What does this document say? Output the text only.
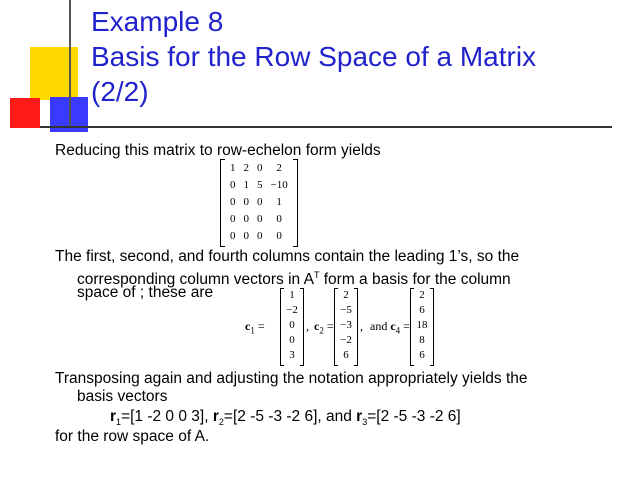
Example 8
Basis for the Row Space of a Matrix
(2/2)

Reducing this matrix to row-echelon form yields

1	2	0	2
0	1	5	−10
0	0	0	1
0	0	0	0
0	0	0	0

The first, second, and fourth columns contain the leading 1’s, so the

corresponding column vectors in $A^T$ form a basis for the column

space of ; these are

$c_1$ =
1
−2
0
0
3
, $c_2$ =
2
−5
−3
−2
6
, and $c_4$ =
2
6
18
8
6

Transposing again and adjusting the notation appropriately yields the

basis vectors

$r_1=[1$ -2 0 0 3], $r_2=[2$ -5 -3 -2 6], and $r_3=[2$ -5 -3 -2 6]

for the row space of A.
